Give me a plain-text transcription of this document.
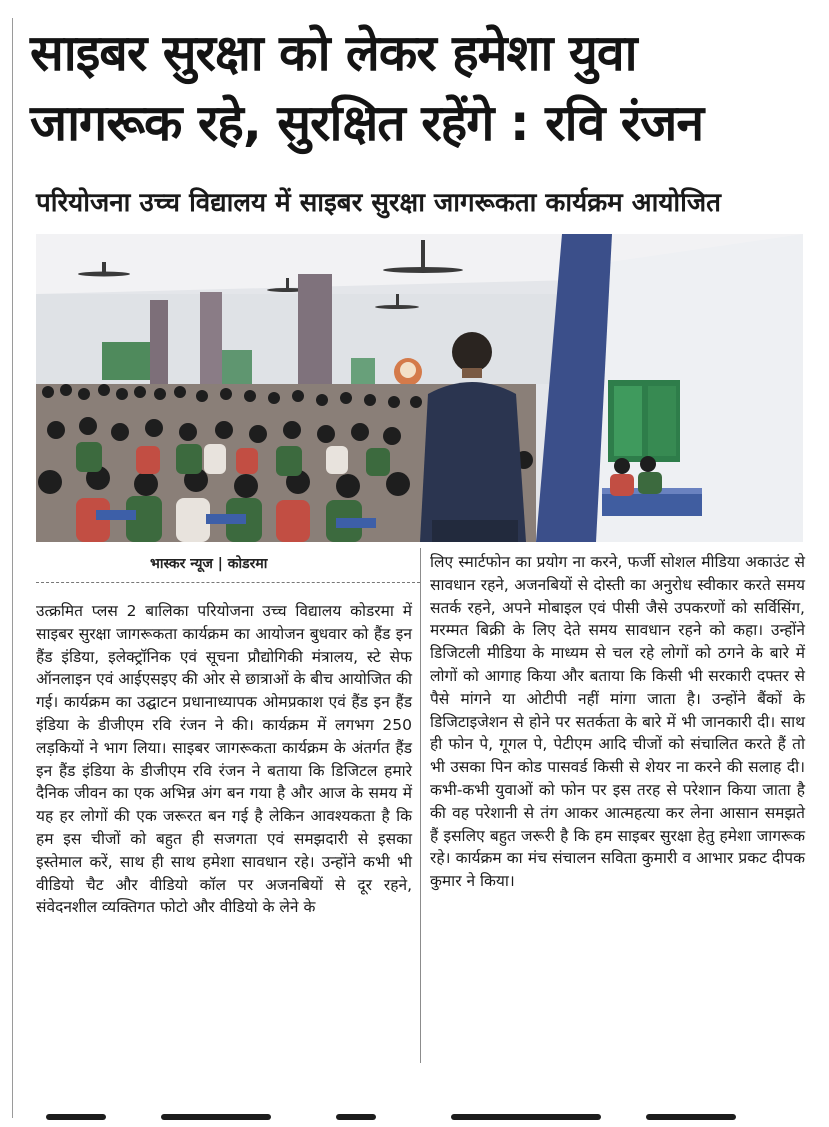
साइबर सुरक्षा को लेकर हमेशा युवा
जागरूक रहे, सुरक्षित रहेंगे : रवि रंजन
परियोजना उच्च विद्यालय में साइबर सुरक्षा जागरूकता कार्यक्रम आयोजित
भास्कर न्यूज | कोडरमा
उत्क्रमित प्लस 2 बालिका परियोजना उच्च विद्यालय कोडरमा में साइबर सुरक्षा जागरूकता कार्यक्रम का आयोजन बुधवार को हैंड इन हैंड इंडिया, इलेक्ट्रॉनिक एवं सूचना प्रौद्योगिकी मंत्रालय, स्टे सेफ ऑनलाइन एवं आईएसइए की ओर से छात्राओं के बीच आयोजित की गई। कार्यक्रम का उद्घाटन प्रधानाध्यापक ओमप्रकाश एवं हैंड इन हैंड इंडिया के डीजीएम रवि रंजन ने की। कार्यक्रम में लगभग 250 लड़कियों ने भाग लिया। साइबर जागरूकता कार्यक्रम के अंतर्गत हैंड इन हैंड इंडिया के डीजीएम रवि रंजन ने बताया कि डिजिटल हमारे दैनिक जीवन का एक अभिन्न अंग बन गया है और आज के समय में यह हर लोगों की एक जरूरत बन गई है लेकिन आवश्यकता है कि हम इस चीजों को बहुत ही सजगता एवं समझदारी से इसका इस्तेमाल करें, साथ ही साथ हमेशा सावधान रहे। उन्होंने कभी भी वीडियो चैट और वीडियो कॉल पर अजनबियों से दूर रहने, संवेदनशील व्यक्तिगत फोटो और वीडियो के लेने के
लिए स्मार्टफोन का प्रयोग ना करने, फर्जी सोशल मीडिया अकाउंट से सावधान रहने, अजनबियों से दोस्ती का अनुरोध स्वीकार करते समय सतर्क रहने, अपने मोबाइल एवं पीसी जैसे उपकरणों को सर्विसिंग, मरम्मत बिक्री के लिए देते समय सावधान रहने को कहा। उन्होंने डिजिटली मीडिया के माध्यम से चल रहे लोगों को ठगने के बारे में लोगों को आगाह किया और बताया कि किसी भी सरकारी दफ्तर से पैसे मांगने या ओटीपी नहीं मांगा जाता है। उन्होंने बैंकों के डिजिटाइजेशन से होने पर सतर्कता के बारे में भी जानकारी दी। साथ ही फोन पे, गूगल पे, पेटीएम आदि चीजों को संचालित करते हैं तो भी उसका पिन कोड पासवर्ड किसी से शेयर ना करने की सलाह दी। कभी-कभी युवाओं को फोन पर इस तरह से परेशान किया जाता है की वह परेशानी से तंग आकर आत्महत्या कर लेना आसान समझते हैं इसलिए बहुत जरूरी है कि हम साइबर सुरक्षा हेतु हमेशा जागरूक रहे। कार्यक्रम का मंच संचालन सविता कुमारी व आभार प्रकट दीपक कुमार ने किया।
